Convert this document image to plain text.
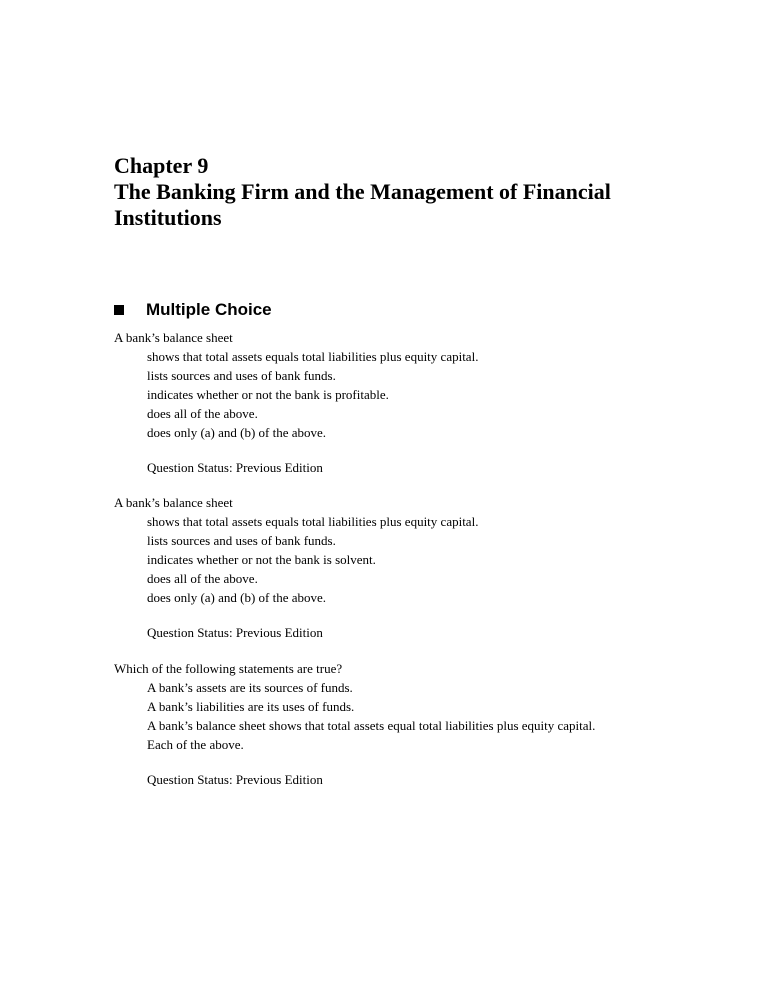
Chapter 9
The Banking Firm and the Management of Financial
Institutions
Multiple Choice

A bank’s balance sheet

shows that total assets equals total liabilities plus equity capital.
lists sources and uses of bank funds.
indicates whether or not the bank is profitable.
does all of the above.
does only (a) and (b) of the above.

Question Status: Previous Edition

A bank’s balance sheet

shows that total assets equals total liabilities plus equity capital.
lists sources and uses of bank funds.
indicates whether or not the bank is solvent.
does all of the above.
does only (a) and (b) of the above.

Question Status: Previous Edition

Which of the following statements are true?

A bank’s assets are its sources of funds.
A bank’s liabilities are its uses of funds.
A bank’s balance sheet shows that total assets equal total liabilities plus equity capital.
Each of the above.

Question Status: Previous Edition
